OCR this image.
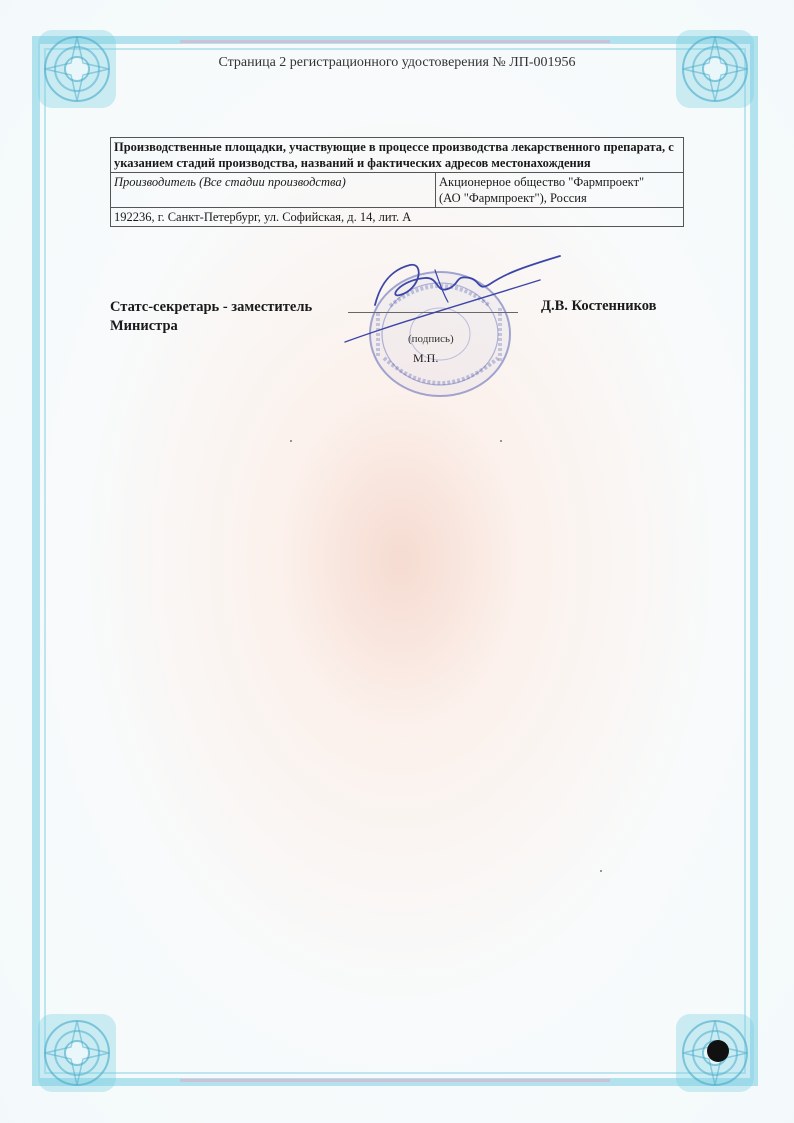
Страница 2 регистрационного удостоверения № ЛП-001956
Производственные площадки, участвующие в процессе производства лекарственного препарата, с указанием стадий производства, названий и фактических адресов местонахождения
Производитель (Все стадии производства)	Акционерное общество "Фармпроект"
(АО "Фармпроект"), Россия
192236, г. Санкт-Петербург, ул. Софийская, д. 14, лит. А
Статс-секретарь - заместитель
Министра
Д.В. Костенников
(подпись)
М.П.
